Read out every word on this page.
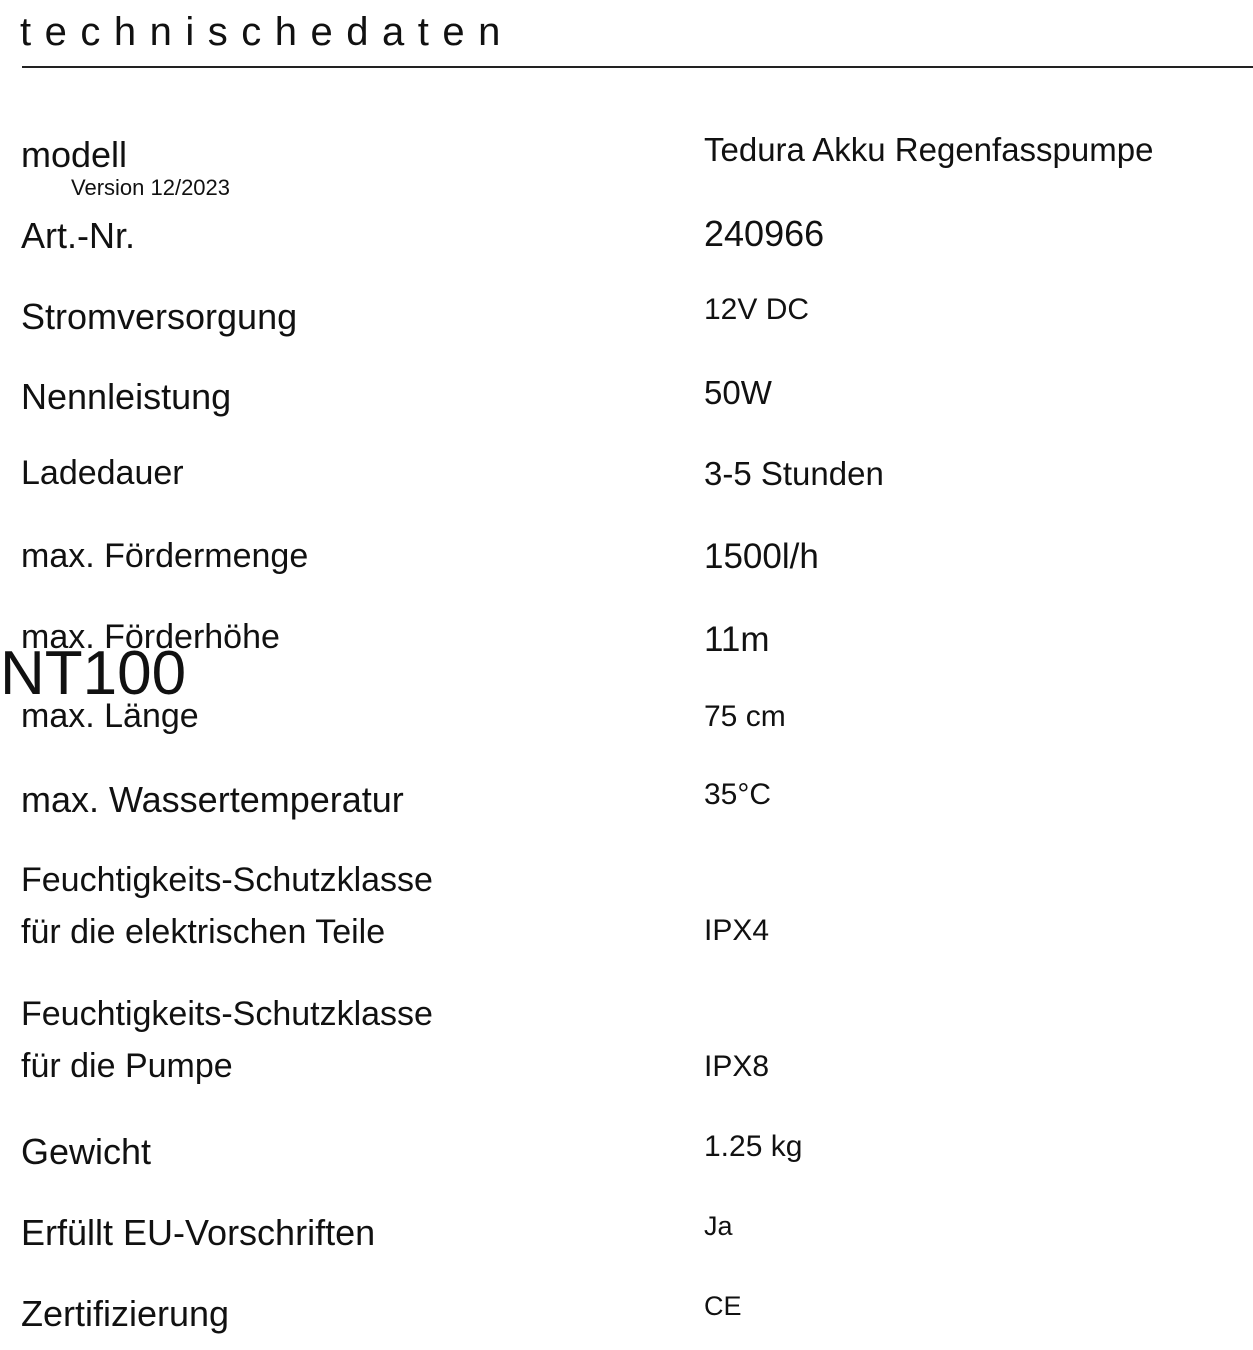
technischedaten
modell	Tedura Akku Regenfasspumpe
Version 12/2023
Art.-Nr.	240966
Stromversorgung	12V DC
Nennleistung	50W
Ladedauer	3-5 Stunden
max. Fördermenge	1500l/h
max. Förderhöhe	11m
max. Länge	75 cm
NT100
max. Wassertemperatur	35°C
Feuchtigkeits-Schutzklasse
für die elektrischen Teile	IPX4
Feuchtigkeits-Schutzklasse
für die Pumpe	IPX8
Gewicht	1.25 kg
Erfüllt EU-Vorschriften	Ja
Zertifizierung	CE
